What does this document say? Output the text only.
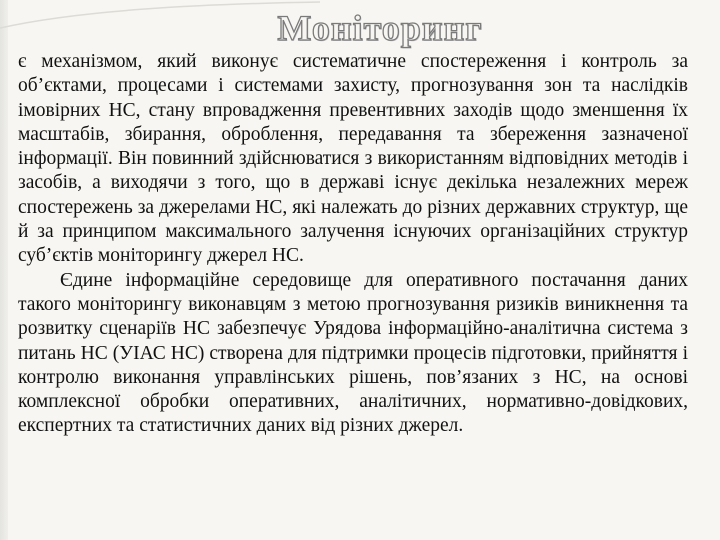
Моніторинг

є механізмом, який виконує систематичне спостереження і контроль за об’єктами, процесами і системами захисту, прогнозування зон та наслідків імовірних НС, стану впровадження превентивних заходів щодо зменшення їх масштабів, збирання, оброблення, передавання та збереження зазначеної інформації. Він повинний здійснюватися з використанням відповідних методів і засобів, а виходячи з того, що в державі існує декілька незалежних мереж спостережень за джерелами НС, які належать до різних державних структур, ще й за принципом максимального залучення існуючих організаційних структур суб’єктів моніторингу джерел НС.

Єдине інформаційне середовище для оперативного постачання даних такого моніторингу виконавцям з метою прогнозування ризиків виникнення та розвитку сценаріїв НС забезпечує Урядова інформаційно-аналітична система з питань НС (УІАС НС) створена для підтримки процесів підготовки, прийняття і контролю виконання управлінських рішень, пов’язаних з НС, на основі комплексної обробки оперативних, аналітичних, нормативно-довідкових, експертних та статистичних даних від різних джерел.
